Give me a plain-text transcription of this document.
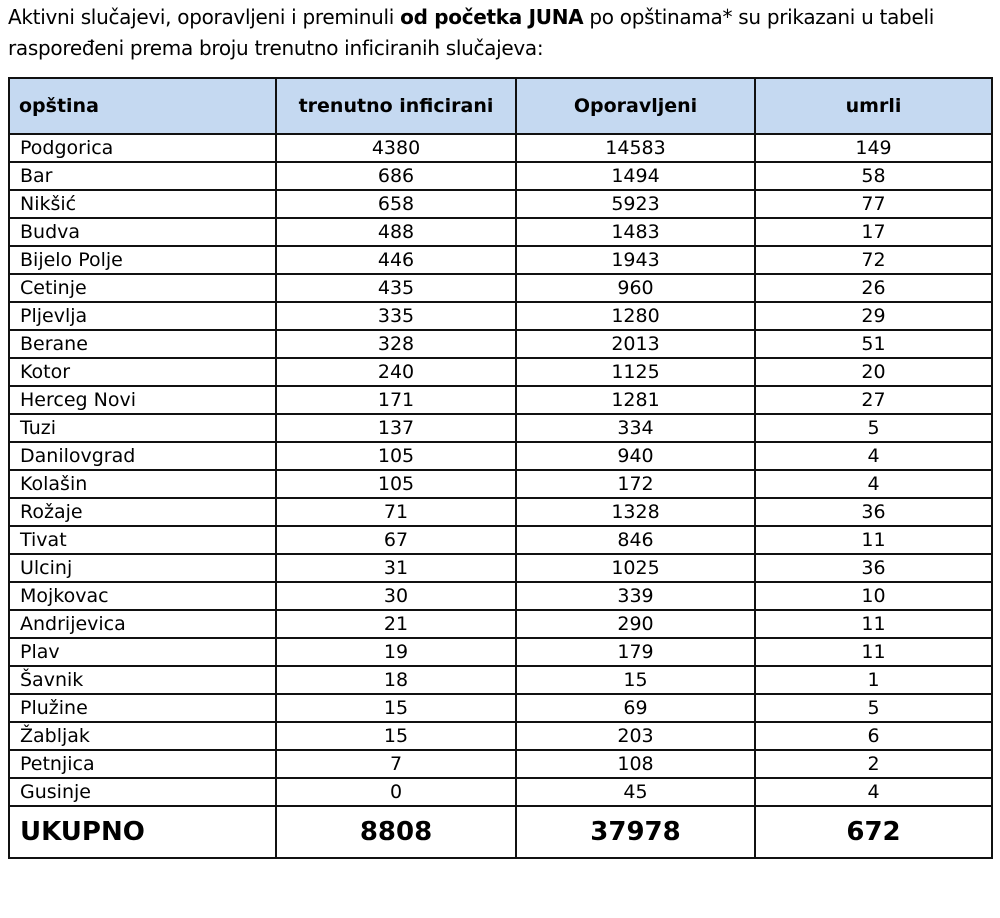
Aktivni slučajevi, oporavljeni i preminuli od početka JUNA po opštinama* su prikazani u tabeli raspoređeni prema broju trenutno inficiranih slučajeva:
opština	trenutno inficirani	Oporavljeni	umrli
Podgorica	4380	14583	149
Bar	686	1494	58
Nikšić	658	5923	77
Budva	488	1483	17
Bijelo Polje	446	1943	72
Cetinje	435	960	26
Pljevlja	335	1280	29
Berane	328	2013	51
Kotor	240	1125	20
Herceg Novi	171	1281	27
Tuzi	137	334	5
Danilovgrad	105	940	4
Kolašin	105	172	4
Rožaje	71	1328	36
Tivat	67	846	11
Ulcinj	31	1025	36
Mojkovac	30	339	10
Andrijevica	21	290	11
Plav	19	179	11
Šavnik	18	15	1
Plužine	15	69	5
Žabljak	15	203	6
Petnjica	7	108	2
Gusinje	0	45	4
UKUPNO	8808	37978	672
